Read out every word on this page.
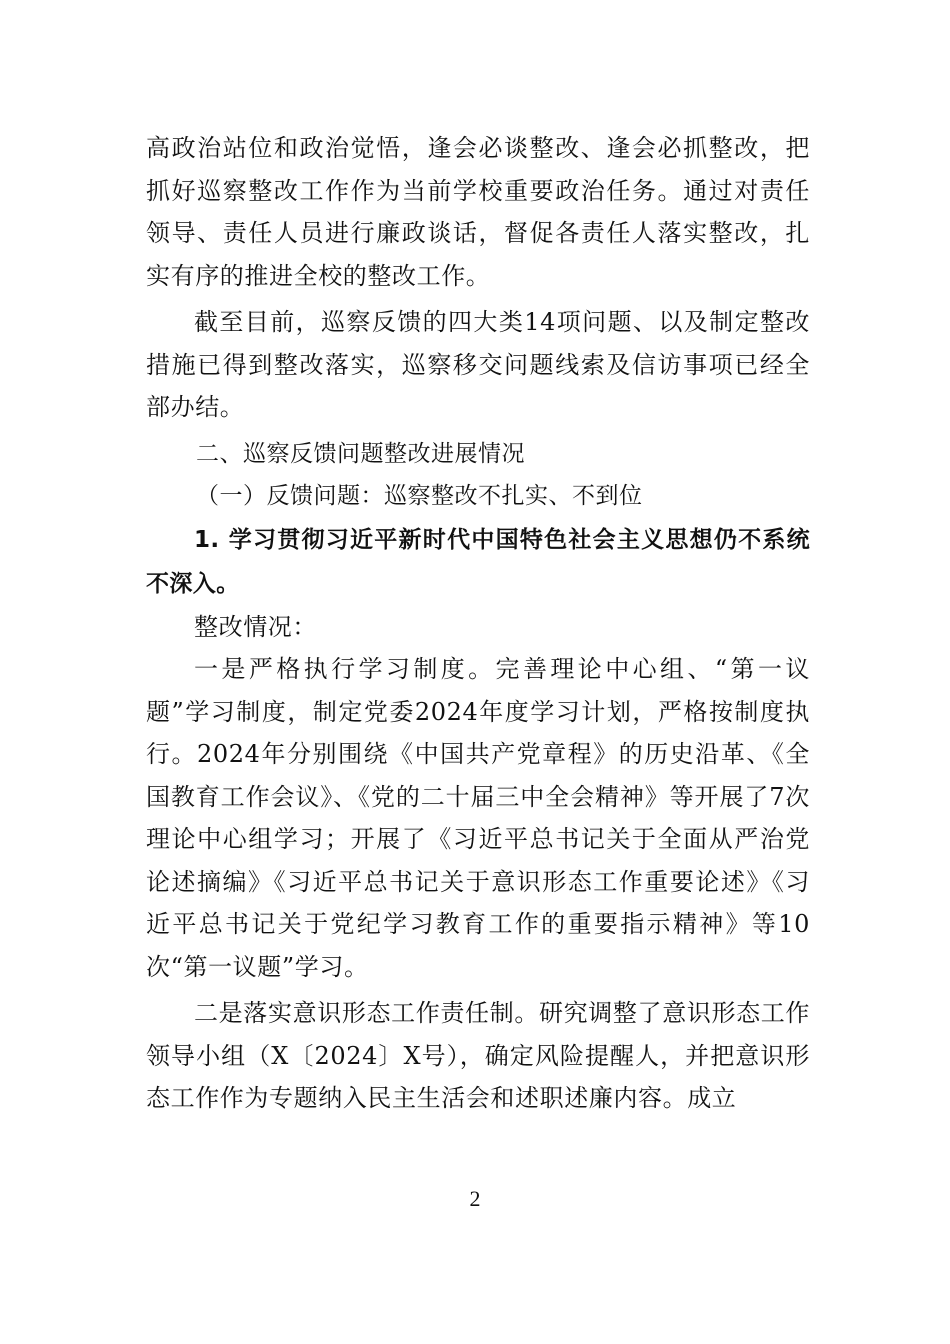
高政治站位和政治觉悟，逢会必谈整改、逢会必抓整改，把抓好巡察整改工作作为当前学校重要政治任务。通过对责任领导、责任人员进行廉政谈话，督促各责任人落实整改，扎实有序的推进全校的整改工作。

截至目前，巡察反馈的四大类14项问题、以及制定整改措施已得到整改落实，巡察移交问题线索及信访事项已经全部办结。

二、巡察反馈问题整改进展情况

（一）反馈问题：巡察整改不扎实、不到位

1. 学习贯彻习近平新时代中国特色社会主义思想仍不系统不深入。

整改情况：

一是严格执行学习制度。完善理论中心组、“第一议题”学习制度，制定党委2024年度学习计划，严格按制度执行。2024年分别围绕《中国共产党章程》的历史沿革、《全国教育工作会议》、《党的二十届三中全会精神》等开展了7次理论中心组学习；开展了《习近平总书记关于全面从严治党论述摘编》《习近平总书记关于意识形态工作重要论述》《习近平总书记关于党纪学习教育工作的重要指示精神》等10次“第一议题”学习。

二是落实意识形态工作责任制。研究调整了意识形态工作领导小组（X〔2024〕X号），确定风险提醒人，并把意识形态工作作为专题纳入民主生活会和述职述廉内容。成立

2
